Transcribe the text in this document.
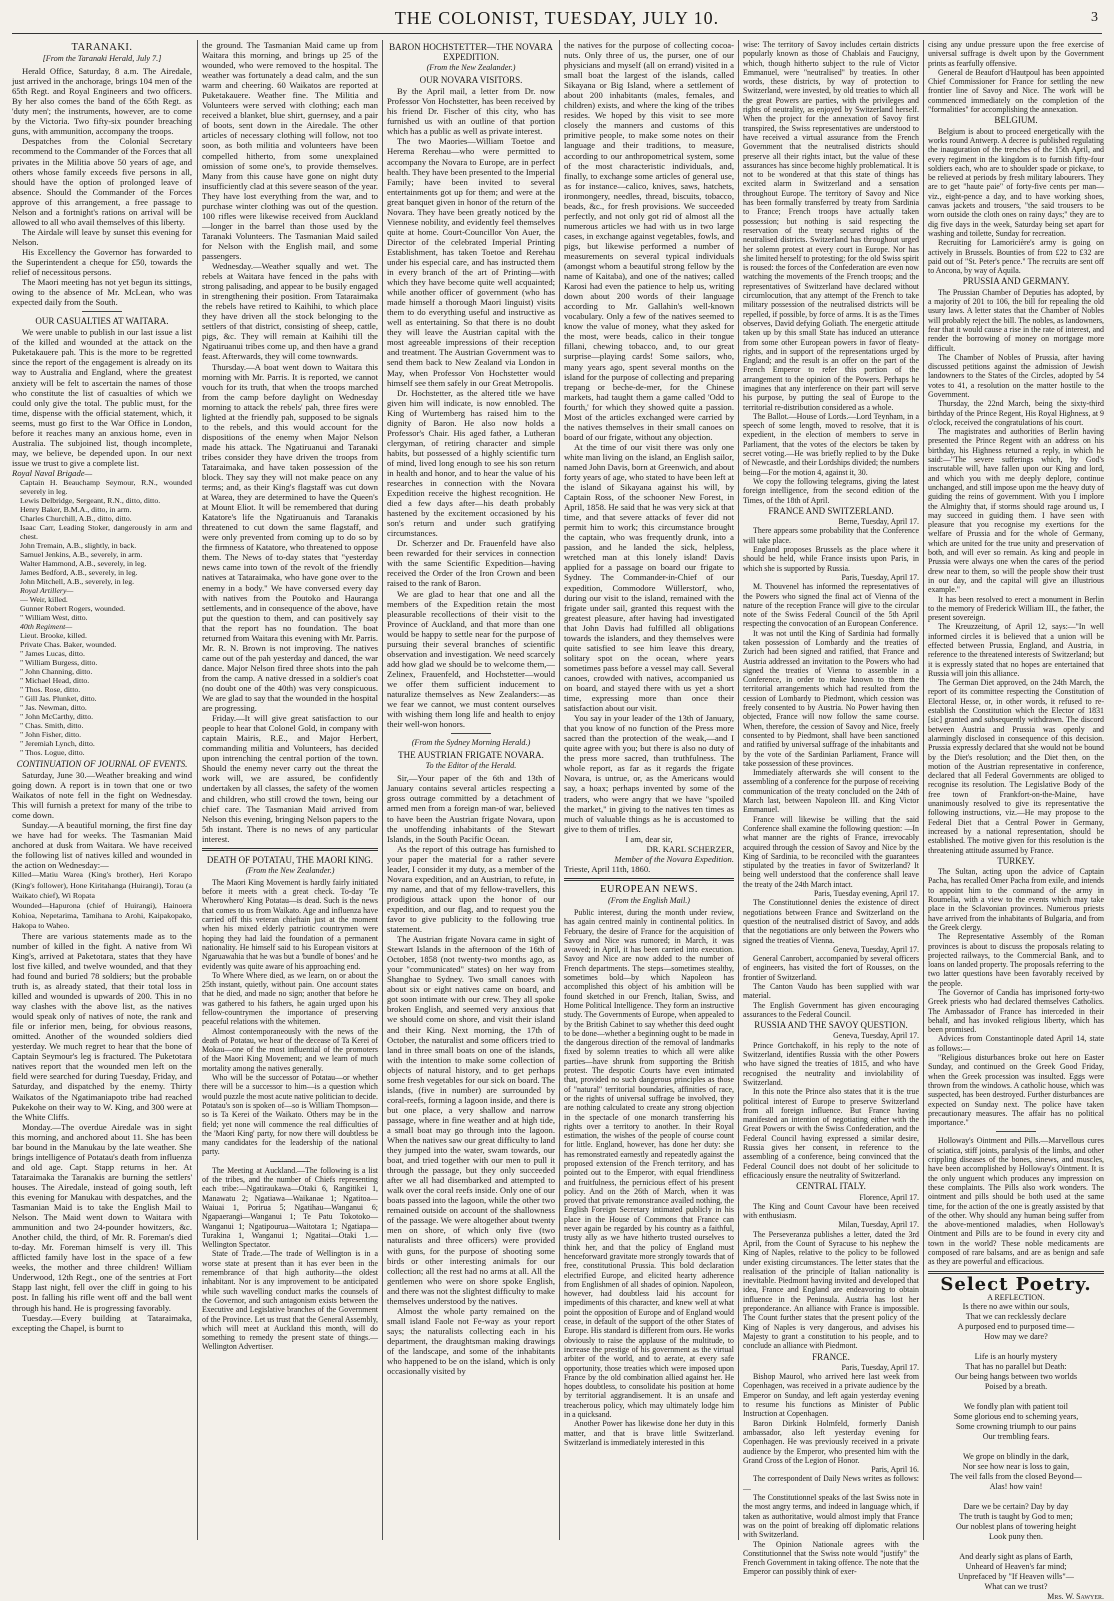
THE COLONIST, TUESDAY, JULY 10.	3
TARANAKI.
[From the Taranaki Herald, July 7.]

Herald Office, Saturday, 8 a.m. The Airedale, just arrived in the anchorage, brings 104 men of the 65th Regt. and Royal Engineers and two officers. By her also comes the band of the 65th Regt. as 'duty men'; the instruments, however, are to come by the Victoria. Two fifty-six pounder breaching guns, with ammunition, accompany the troops.

Despatches from the Colonial Secretary recommend to the Commander of the Forces that all privates in the Militia above 50 years of age, and others whose family exceeds five persons in all, should have the option of prolonged leave of absence. Should the Commander of the Forces approve of this arrangement, a free passage to Nelson and a fortnight's rations on arrival will be allowed to all who avail themselves of this liberty.

The Airdale will leave by sunset this evening for Nelson.

His Excellency the Governor has forwarded to the Superintendent a cheque for £50, towards the relief of necessitous persons.

The Maori meeting has not yet begun its sittings, owing to the absence of Mr. McLean, who was expected daily from the South.

OUR CASUALTIES AT WAITARA.

We were unable to publish in our last issue a list of the killed and wounded at the attack on the Puketakauere pah. This is the more to be regretted since the report of the engagement is already on its way to Australia and England, where the greatest anxiety will be felt to ascertain the names of those who constitute the list of casualties of which we could only give the total. The public must, for the time, dispense with the official statement, which, it seems, must go first to the War Office in London, before it reaches many an anxious home, even in Australia. The subjoined list, though incomplete, may, we believe, be depended upon. In our next issue we trust to give a complete list.

Royal Naval Brigade—

Captain H. Beauchamp Seymour, R.N., wounded severely in leg.
Lewis Delbridge, Sergeant, R.N., ditto, ditto.
Henry Baker, B.M.A., ditto, in arm.
Charles Churchill, A.B., ditto, ditto.
Isaac Carr, Leading Stoker, dangerously in arm and chest.
John Tremain, A.B., slightly, in back.
Samuel Jenkins, A.B., severely, in arm.
Walter Hammond, A.B., severely, in leg.
James Bedford, A.B., severely, in leg.
John Mitchell, A.B., severely, in leg.
Royal Artillery—
— Weir, killed.
Gunner Robert Rogers, wounded.
" William West, ditto.
40th Regiment—
Lieut. Brooke, killed.
Private Chas. Baker, wounded.
" James Lucas, ditto.
" William Burgess, ditto.
" John Channing, ditto.
" Michael Head, ditto.
" Thos. Rose, ditto.
" Gill Jas. Plunket, ditto.
" Jas. Newman, ditto.
" John McCarthy, ditto.
" Chas. Smith, ditto.
" John Fisher, ditto.
" Jeremiah Lynch, ditto.
" Thos. Logue, ditto.
CONTINUATION OF JOURNAL OF EVENTS.

Saturday, June 30.—Weather breaking and wind going down. A report is in town that one or two Waikatos of note fell in the fight on Wednesday. This will furnish a pretext for many of the tribe to come down.

Sunday.—A beautiful morning, the first fine day we have had for weeks. The Tasmanian Maid anchored at dusk from Waitara. We have received the following list of natives killed and wounded in the action on Wednesday:—

Killed—Matiu Warea (King's brother), Heri Korapo (King's follower), Hone Kiritahanga (Huirangi), Torau (a Waikato chief), Wi Ropata

Wounded—Hapurona (chief of Huirangi), Hainoera Kohioa, Nepetarima, Tamihana to Arohi, Kaipakopako, Hakopa to Waheo.

There are various statements made as to the number of killed in the fight. A native from Wi King's, arrived at Paketotara, states that they have lost five killed, and twelve wounded, and that they had found and buried 78 soldiers; but the probable truth is, as already stated, that their total loss in killed and wounded is upwards of 200. This in no way clashes with the above list, as the natives would speak only of natives of note, the rank and file or inferior men, being, for obvious reasons, omitted. Another of the wounded soldiers died yesterday. We much regret to hear that the bone of Captain Seymour's leg is fractured. The Puketotara natives report that the wounded men left on the field were searched for during Tuesday, Friday, and Saturday, and dispatched by the enemy. Thirty Waikatos of the Ngatimaniapoto tribe had reached Pukekohe on their way to W. King, and 300 were at the White Cliffs.

Monday.—The overdue Airedale was in sight this morning, and anchored about 11. She has been bar bound in the Manukau by the late weather. She brings intelligence of Potatau's death from influenza and old age. Capt. Stapp returns in her. At Tataraimaka the Taranakis are burning the settlers' houses. The Airedale, instead of going south, left this evening for Manukau with despatches, and the Tasmanian Maid is to take the English Mail to Nelson. The Maid went down to Waitara with ammunition and two 24-pounder howitzers, &c. Another child, the third, of Mr. R. Foreman's died to-day. Mr. Foreman himself is very ill. This afflicted family have lost in the space of a few weeks, the mother and three children! William Underwood, 12th Regt., one of the sentries at Fort Stapp last night, fell over the cliff in going to his post. In falling his rifle went off and the ball went through his hand. He is progressing favorably.

Tuesday.—Every building at Tataraimaka, excepting the Chapel, is burnt to

the ground. The Tasmanian Maid came up from Waitara this morning, and brings up 25 of the wounded, who were removed to the hospital. The weather was fortunately a dead calm, and the sun warm and cheering. 60 Waikatos are reported at Puketakauere. Weather fine. The Militia and Volunteers were served with clothing; each man received a blanket, blue shirt, guernsey, and a pair of boots, sent down in the Airedale. The other articles of necessary clothing will follow, not too soon, as both militia and volunteers have been compelled hitherto, from some unexplained omission of some one's, to provide themselves. Many from this cause have gone on night duty insufficiently clad at this severe season of the year. They have lost everything from the war, and to purchase winter clothing was out of the question. 100 rifles were likewise received from Auckland—longer in the barrel than those used by the Taranaki Volunteers. The Tasmanian Maid sailed for Nelson with the English mail, and some passengers.

Wednesday.—Weather squally and wet. The rebels at Waitara have fenced in the pahs with strong palisading, and appear to be busily engaged in strengthening their position. From Tataraimaka the rebels have retired to Kaihihi, to which place they have driven all the stock belonging to the settlers of that district, consisting of sheep, cattle, pigs, &c. They will remain at Kaihihi till the Ngatiruanui tribes come up, and then have a grand feast. Afterwards, they will come townwards.

Thursday.—A boat went down to Waitara this morning with Mr. Parris. It is reported, we cannot vouch for its truth, that when the troops marched from the camp before daylight on Wednesday morning to attack the rebels' pah, three fires were lighted at the friendly pah, supposed to be signals to the rebels, and this would account for the dispositions of the enemy when Major Nelson made his attack. The Ngatiruanui and Taranaki tribes consider they have driven the troops from Tataraimaka, and have taken possession of the block. They say they will not make peace on any terms; and, as their King's flagstaff was cut down at Warea, they are determined to have the Queen's at Mount Eliot. It will be remembered that during Katatore's life the Ngatiruanuis and Taranakis threatened to cut down the same flagstaff, and were only prevented from coming up to do so by the firmness of Katatore, who threatened to oppose them. The News of to-day states that "yesterday news came into town of the revolt of the friendly natives at Tataraimaka, who have gone over to the enemy in a body." We have conversed every day with natives from the Poutoko and Hauranga settlements, and in consequence of the above, have put the question to them, and can positively say that the report has no foundation. The boat returned from Waitara this evening with Mr. Parris. Mr. R. N. Brown is not improving. The natives came out of the pah yesterday and danced, the war dance. Major Nelson fired three shots into the pah from the camp. A native dressed in a soldier's coat (no doubt one of the 40th) was very conspicuous. We are glad to say that the wounded in the hospital are progressing.

Friday.—It will give great satisfaction to our people to hear that Colonel Gold, in company with captain Mairis, R.E., and Major Herbert, commanding militia and Volunteers, has decided upon intrenching the central portion of the town. Should the enemy never carry out the threat the work will, we are assured, be confidently undertaken by all classes, the safety of the women and children, who still crowd the town, being our chief care. The Tasmanian Maid arrived from Nelson this evening, bringing Nelson papers to the 5th instant. There is no news of any particular interest.

DEATH OF POTATAU, THE MAORI KING.
(From the New Zealander.)

The Maori King Movement is hardly fairly initiated before it meets with a great check. To-day 'Te Wherowhero' King Potatau—is dead. Such is the news that comes to us from Waikato. Age and influenza have carried off this veteran chieftain just at the moment when his mixed elderly patriotic countrymen were hoping they had laid the foundation of a permanent nationality. He himself said to his European visitors at Ngaruawahia that he was but a 'bundle of bones' and he evidently was quite aware of his approaching end.

To Where Where died, as we learn, on or about the 25th instant, quietly, without pain. One account states that he died, and made no sign; another that before he was gathered to his fathers, he again urged upon his fellow-countrymen the importance of preserving peaceful relations with the whitemen.

Almost contemporaneously with the news of the death of Potatau, we hear of the decease of Ta Kerei of Mokau—one of the most influential of the promoters of the Maori King Movement; and we learn of much mortality among the natives generally.

Who will be the successor of Potatau—or whether there will be a successor to him—is a question which would puzzle the most acute native politician to decide. Potatau's son is spoken of—so is William Thompson—so is Ta Kerei of the Waikato. Others may be in the field; yet none will commence the real difficulties of the 'Maori King' party, for now there will doubtless be many candidates for the leadership of the national party.

The Meeting at Auckland.—The following is a list of the tribes, and the number of Chiefs representing each tribe:—Ngatiraukawa—Otaki 6, Rangitikei 1, Manawatu 2; Ngatiawa—Waikanae 1; Ngatitoa—Waiuai 1, Porirua 5; Ngatihau—Wanganui 6; Ngapaerangi—Wanganui 1; Te Patu Tokotoko—Wanganui 1; Ngatipourua—Waitotara 1; Ngatiapa—Turakina 1, Wanganui 1; Ngatitai—Otaki 1.—Wellington Spectator.

State of Trade.—The trade of Wellington is in a worse state at present than it has ever been in the remembrance of that high authority—the oldest inhabitant. Nor is any improvement to be anticipated while such wavelling conduct marks the counsels of the Governor, and such antagonism exists between the Executive and Legislative branches of the Government of the Province. Let us trust that the General Assembly, which will meet at Auckland this month, will do something to remedy the present state of things.—Wellington Advertiser.

BARON HOCHSTETTER—THE NOVARA EXPEDITION.
(From the New Zealander.)
OUR NOVARA VISITORS.

By the April mail, a letter from Dr. now Professor Von Hochstetter, has been received by his friend Dr. Fischer of this city, who has furnished us with an outline of that portion which has a public as well as private interest.

The two Maories—William Toetoe and Herema Rerehau—who were permitted to accompany the Novara to Europe, are in perfect health. They have been presented to the Imperial Family; have been invited to several entertainments got up for them; and were at the great banquet given in honor of the return of the Novara. They have been greatly noticed by the Viennese nobility, and evidently feel themselves quite at home. Court-Councillor Von Auer, the Director of the celebrated Imperial Printing Establishment, has taken Toetoe and Rerehau under his especial care, and has instructed them in every branch of the art of Printing—with which they have become quite well acquainted; while another officer of government (who has made himself a thorough Maori linguist) visits them to do everything useful and instructive as well as entertaining. So that there is no doubt they will leave the Austrian capital with the most agreeable impressions of their reception and treatment. The Austrian Government was to send them back to New Zealand via London in May, when Professor Von Hochstetter would himself see them safely in our Great Metropolis.

Dr. Hochstetter, as the altered title we have given him will indicate, is now ennobled. The King of Wurtemberg has raised him to the dignity of Baron. He also now holds a Professor's Chair. His aged father, a Lutheran clergyman, of retiring character and simple habits, but possessed of a highly scientific turn of mind, lived long enough to see his son return in health and honor, and to hear the value of his researches in connection with the Novara Expedition receive the highest recognition. He died a few days after—his death probably hastened by the excitement occasioned by his son's return and under such gratifying circumstances.

Dr. Scherzer and Dr. Frauenfeld have also been rewarded for their services in connection with the same Scientific Expedition—having received the Order of the Iron Crown and been raised to the rank of Baron.

We are glad to hear that one and all the members of the Expedition retain the most pleasurable recollections of their visit to the Province of Auckland, and that more than one would be happy to settle near for the purpose of pursuing their several branches of scientific observation and investigation. We need scarcely add how glad we should be to welcome them,—Zelinex, Frauenfeld, and Hochstetter—would we offer them sufficient inducement to naturalize themselves as New Zealanders:—as we fear we cannot, we must content ourselves with wishing them long life and health to enjoy their well-won honors.

(From the Sydney Morning Herald.)
THE AUSTRIAN FRIGATE NOVARA.
To the Editor of the Herald.

Sir,—Your paper of the 6th and 13th of January contains several articles respecting a gross outrage committed by a detachment of armed men from a foreign man-of war, believed to have been the Austrian frigate Novara, upon the unoffending inhabitants of the Stewart Islands, in the South Pacific Ocean.

As the report of this outrage has furnished to your paper the material for a rather severe leader, I consider it my duty, as a member of the Novara expedition, and an Austrian, to refute, in my name, and that of my fellow-travellers, this prodigious attack upon the honor of our expedition, and our flag, and to request you the favor to give publicity to the following true statement.

The Austrian frigate Novara came in sight of Stewart Islands in the afternoon of the 16th of October, 1858 (not twenty-two months ago, as your "communicated" states) on her way from Shanghae to Sydney. Two small canoes with about six or eight natives came on board, and got soon intimate with our crew. They all spoke broken English, and seemed very anxious that we should come on shore, and visit their island and their King. Next morning, the 17th of October, the naturalist and some officers tried to land in three small boats on one of the islands, with the intention to make some collection of objects of natural history, and to get perhaps some fresh vegetables for our sick on board. The islands, (five in number) are surrounded by coral-reefs, forming a lagoon inside, and there is but one place, a very shallow and narrow passage, where in fine weather and at high tide, a small boat may go through into the lagoon. When the natives saw our great difficulty to land they jumped into the water, swam towards, our boat, and tried together with our men to pull it through the passage, but they only succeeded after we all had disembarked and attempted to walk over the coral reefs inside. Only one of our boats passed into the lagoon, while the other two remained outside on account of the shallowness of the passage. We were altogether about twenty men on shore, of which only five (two naturalists and three officers) were provided with guns, for the purpose of shooting some birds or other interesting animals for our collection; all the rest had no arms at all. All the gentlemen who were on shore spoke English, and there was not the slightest difficulty to make themselves understood by the natives.

Almost the whole party remained on the small island Faole not Fe-way as your report says; the naturalists collecting each in his department, the draughtsman making drawings of the landscape, and some of the inhabitants who happened to be on the island, which is only occasionally visited by

the natives for the purpose of collecting cocoa-nuts. Only three of us, the purser, one of our physicians and myself (all on errand) visited in a small boat the largest of the islands, called Sikayana or Big Island, where a settlement of about 200 inhabitants (males, females, and children) exists, and where the king of the tribes resides. We hoped by this visit to see more closely the manners and customs of this primitive people, to make some notes on their language and their traditions, to measure, according to our anthropometrical system, some of the most characteristic individuals, and, finally, to exchange some articles of general use, as for instance—calico, knives, saws, hatchets, ironmongery, needles, thread, biscuits, tobacco, beads, &c., for fresh provisions. We succeeded perfectly, and not only got rid of almost all the numerous articles we had with us in two large cases, in exchange against vegetables, fowls, and pigs, but likewise performed a number of measurements on several typical individuals (amongst whom a beautiful strong fellow by the name of Kaitaba), and one of the natives; called Karosi had even the patience to help us, writing down about 200 words of their language according to Mr. Gallahin's well-known vocabulary. Only a few of the natives seemed to know the value of money, what they asked for the most, were beads, calico in their tongue fillani, chewing tobacco, and, to our great surprise—playing cards! Some sailors, who, many years ago, spent several months on the island for the purpose of collecting and preparing trepang or beche-de-mer, for the Chinese markets, had taught them a game called 'Odd to fourth,' for which they showed quite a passion. Most of the articles exchanged were carried by the natives themselves in their small canoes on board of our frigate, without any objection.

At the time of our visit there was only one white man living on the island, an English sailor, named John Davis, born at Greenwich, and about forty years of age, who stated to have been left at the island of Sikayana against his will, by Captain Ross, of the schooner New Forest, in April, 1858. He said that he was very sick at that time, and that severe attacks of fever did not permit him to work; this circumstance brought the captain, who was frequently drunk, into a passion, and he landed the sick, helpless, wretched man at this lonely island! Davis applied for a passage on board our frigate to Sydney. The Commander-in-Chief of our expedition, Commodore Wüllerstorf, who, during our visit to the island, remained with the frigate under sail, granted this request with the greatest pleasure, after having had investigated that John Davis had fulfilled all obligations towards the islanders, and they themselves were quite satisfied to see him leave this dreary, solitary spot on the ocean, where years sometimes pass before a vessel may call. Several canoes, crowded with natives, accompanied us on board, and stayed there with us yet a short time, expressing more than once their satisfaction about our visit.

You say in your leader of the 13th of January, that you know of no function of the Press more sacred than the protection of the weak,—and I quite agree with you; but there is also no duty of the press more sacred, than truthfulness. The whole report, as far as it regards the frigate Novara, is untrue, or, as the Americans would say, a hoax; perhaps invented by some of the traders, who were angry that we have "spoiled the market," in giving to the natives ten times as much of valuable things as he is accustomed to give to them of trifles.

I am, dear sir,
DR. KARL SCHERZER,
Member of the Novara Expedition.
Trieste, April 11th, 1860.
EUROPEAN NEWS.
(From the English Mail.)

Public interest, during the month under review, has again centred mainly in continental politics. In February, the desire of France for the acquisition of Savoy and Nice was rumored; in March, it was avowed; in April, it has been carried into execution. Savoy and Nice are now added to the number of French departments. The steps—sometimes stealthy, sometimes bold—by which Napoleon has accomplished this object of his ambition will be found sketched in our French, Italian, Swiss, and Home Political Intelligence. They form an instructive study. The Governments of Europe, when appealed to by the British Cabinet to say whether this deed ought to be done—whether a beginning ought to be made in the dangerous direction of the removal of landmarks fixed by solemn treaties to which all were alike parties—have shrunk from supporting the British protest. The despotic Courts have even intimated that, provided no such dangerous principles as those of "natural" territorial boundaries, affinities of race, or the rights of universal suffrage be involved, they are nothing calculated to create any strong objection in the spectacle of one monarch transferring his rights over a territory to another. In their Royal estimation, the wishes of the people of course count for little. England, however, has done her duty: she has remonstrated earnestly and repeatedly against the proposed extension of the French territory, and has pointed out to the Emperor, with equal friendliness and fruitfulness, the pernicious effect of his present policy. And on the 26th of March, when it was proved that private remonstrance availed nothing, the English Foreign Secretary intimated publicly in his place in the House of Commons that France can never again be regarded by his country as a faithful, trusty ally as we have hitherto trusted ourselves to think her, and that the policy of England must henceforward gravitate more strongly towards that of free, constitutional Prussia. This bold declaration electrified Europe, and elicited hearty adherence from Englishmen of all shades of opinion. Napoleon, however, had doubtless laid his account for impediments of this character, and knew well at what point the opposition of Europe and of England would cease, in default of the support of the other States of Europe. His standard is different from ours. He works obviously to raise the applause of the multitude, to increase the prestige of his government as the virtual arbiter of the world, and to aerate, at every safe opportunity, those treaties which were imposed upon France by the old combination allied against her. He hopes doubtless, to consolidate his position at home by territorial aggrandisement. It is an unsafe and treacherous policy, which may ultimately lodge him in a quicksand.

Another Power has likewise done her duty in this matter, and that is brave little Switzerland. Switzerland is immediately interested in this

wise: The territory of Savoy includes certain districts popularly known as those of Chablais and Faucigny, which, though hitherto subject to the rule of Victor Emmanuel, were "neutralised" by treaties. In other words, these districts, by way of protection to Switzerland, were invested, by old treaties to which all the great Powers are parties, with the privileges and rights of neutrality, as enjoyed by Switzerland herself. When the project for the annexation of Savoy first transpired, the Swiss representatives are understood to have received a virtual assurance from the French Government that the neutralised districts should preserve all their rights intact, but the value of these assurances has since become highly problematical. It is not to be wondered at that this state of things has excited alarm in Switzerland and a sensation throughout Europe. The territory of Savoy and Nice has been formally transferred by treaty from Sardinia to France; French troops have actually taken possession; but nothing is said respecting the reservation of the treaty secured rights of the neutralised districts. Switzerland has throughout urged her solemn protest at every court in Europe. Nor has she limited herself to protesting; for the old Swiss spirit is roused: the forces of the Confederation are even now watching the movements of the French troops; and the representatives of Switzerland have declared without circumlocution, that any attempt of the French to take military possession of the neutralised districts will be repelled, if possible, by force of arms. It is as the Times observes, David defying Goliath. The energetic attitude taken up by this small State has induced an utterance from some other European powers in favor of fleaty-rights, and in support of the representations urged by England; and the result is an offer on the part of the French Emperor to refer this portion of the arrangement to the opinion of the Powers. Perhaps he imagines that any interference on their part will serve his purpose, by putting the seal of Europe to the territorial re-distribution considered as a whole.

The Ballot.—House of Lords.—Lord Teynham, in a speech of some length, moved to resolve, that it is expedient, in the election of members to serve in Parliament, that the votes of the electors be taken by secret voting.—He was briefly replied to by the Duke of Newcastle, and their Lordships divided; the numbers being—For the motion 4, against it, 30.

We copy the following telegrams, giving the latest foreign intelligence, from the second edition of the Times, of the 18th of April.

FRANCE AND SWITZERLAND.
Berne, Tuesday, April 17.

There appears some probability that the Conference will take place.

England proposes Brussels as the place where it should be held, while France insists upon Paris, in which she is supported by Russia.

Paris, Tuesday, April 17.

M. Thouvenel has informed the representatives of the Powers who signed the final act of Vienna of the nature of the reception France will give to the circular note of the Swiss Federal Council of the 5th April respecting the convocation of an European Conference.

It was not until the King of Sardinia had formally taken possession of Lombardy and the treaties of Zurich had been signed and ratified, that France and Austria addressed an invitation to the Powers who had signed the treaties of Vienna to assemble in a Conference, in order to make known to them the territorial arrangements which had resulted from the cession of Lombardy to Piedmont, which cession was freely consented to by Austria. No Power having then objected, France will now follow the same course. When, therefore, the cession of Savoy and Nice, freely consented to by Piedmont, shall have been sanctioned and ratified by universal suffrage of the inhabitants and by the vote of the Sardinian Parliament, France will take possession of these provinces.

Immediately afterwards she will consent to the assembling of a conference for the purpose of receiving communication of the treaty concluded on the 24th of March last, between Napoleon III. and King Victor Emmanuel.

France will likewise be willing that the said Conference shall examine the following question: —In what manner are the rights of France, irrevocably acquired through the cession of Savoy and Nice by the King of Sardinia, to be reconciled with the guarantees stipulated by the treaties in favor of Switzerland? It being well understood that the conference shall leave the treaty of the 24th March intact.

Paris, Tuesday evening, April 17.

The Constitutionnel denies the existence of direct negotiations between France and Switzerland on the question of the neutralised district of Savoy, and adds that the negotiations are only between the Powers who signed the treaties of Vienna.

Geneva, Tuesday, April 17.

General Canrobert, accompanied by several officers of engineers, has visited the fort of Rousses, on the frontier of Switzerland.

The Canton Vaudo has been supplied with war material.

The English Government has given encouraging assurances to the Federal Council.

RUSSIA AND THE SAVOY QUESTION.
Geneva, Tuesday, April 17.

Prince Gortchakoff, in his reply to the note of Switzerland, identifies Russia with the other Powers who have signed the treaties of 1815, and who have recognised the neutrality and inviolability of Switzerland.

In this note the Prince also states that it is the true political interest of Europe to preserve Switzerland from all foreign influence. But France having manifested an intention of negotiating either with the Great Powers or with the Swiss Confederation, and the Federal Council having expressed a similar desire, Russia gives her consent, in reference to the assembling of a conference, being convinced that the Federal Council does not doubt of her solicitude to efficaciously ensure the neutrality of Switzerland.

CENTRAL ITALY.
Florence, April 17.

The King and Count Cavour have been received with enthusiasm.

Milan, Tuesday, April 17.

The Perseveranza publishes a letter, dated the 3rd April, from the Count of Syracuse to his nephew the King of Naples, relative to the policy to be followed under existing circumstances. The letter states that the realisation of the principle of Italian nationality is inevitable. Piedmont having invited and developed that idea, France and England are endeavoring to obtain influence in the Peninsula. Austria has lost her preponderance. An alliance with France is impossible. The Count further states that the present policy of the King of Naples is very dangerous, and advises his Majesty to grant a constitution to his people, and to conclude an alliance with Piedmont.

FRANCE.
Paris, Tuesday, April 17.

Bishop Maurol, who arrived here last week from Copenhagen, was received in a private audience by the Emperor on Sunday, and left again yesterday evening to resume his functions as Minister of Public Instruction at Copenhagen.

Baron Dirkink Holmfeld, formerly Danish ambassador, also left yesterday evening for Copenhagen. He was previously received in a private audience by the Emperor, who presented him with the Grand Cross of the Legion of Honor.

Paris, April 16.

The correspondent of Daily News writes as follows:—

The Constitutionnel speaks of the last Swiss note in the most angry terms, and indeed in language which, if taken as authoritative, would almost imply that France was on the point of breaking off diplomatic relations with Switzerland.

The Opinion Nationale agrees with the Constitutionnel that the Swiss note would "justify" the French Government in taking offence. The note that the Emperor can possibly think of exer-

cising any undue pressure upon the free exercise of universal suffrage is dwelt upon by the Government prints as fearfully offensive.

General de Beaufort d'Hautpoul has been appointed Chief Commissioner for France for settling the new frontier line of Savoy and Nice. The work will be commenced immediately on the completion of the "formalities" for accomplishing the annexation.

BELGIUM.

Belgium is about to proceed energetically with the works round Antwerp. A decree is published regulating the inauguration of the trenches of the 15th April, and every regiment in the kingdom is to furnish fifty-four soldiers each, who are to shoulder spade or pickaxe, to be relieved at periods by fresh military labourers. They are to get "haute paie" of forty-five cents per man—viz., eight-pence a day, and to have working shoes, canvas jackets and trousers, "the said trousers to be worn outside the cloth ones on rainy days;" they are to dig five days in the week, Saturday being set apart for washing and toilette, Sunday for recreation.

Recruiting for Lamoricière's army is going on actively in Brussels. Bounties of from £22 to £32 are paid out of "St. Peter's pence." The recruits are sent off to Ancona, by way of Aquila.

PRUSSIA AND GERMANY.

The Prussian Chamber of Deputies has adopted, by a majority of 201 to 106, the bill for repealing the old usury laws. A letter states that the Chamber of Nobles will probably reject the bill. The nobles, as landowners, fear that it would cause a rise in the rate of interest, and render the borrowing of money on mortgage more difficult.

The Chamber of Nobles of Prussia, after having discussed petitions against the admission of Jewish landowners to the States of the Circles, adopted by 54 votes to 41, a resolution on the matter hostile to the Government.

Thursday, the 22nd March, being the sixty-third birthday of the Prince Regent, His Royal Highness, at 9 o'clock, received the congratulations of his court.

The magistrates and authorities of Berlin having presented the Prince Regent with an address on his birthday, his Highness returned a reply, in which he said:—"The severe sufferings which, by God's inscrutable will, have fallen upon our King and lord, and which you with me deeply deplore, continue unchanged, and still impose upon me the heavy duty of guiding the reins of government. With you I implore the Almighty that, if storms should rage around us, I may succeed in guiding them. I have seen with pleasure that you recognise my exertions for the welfare of Prussia and for the whole of Germany, which are united for the true unity and preservation of both, and will ever so remain. As king and people in Prussia were always one when the cares of the period drew near to them, so will the people show their trust in our day, and the capital will give an illustrious example."

It has been resolved to erect a monument in Berlin to the memory of Frederick William III., the father, the present sovereign.

The Kreuzzeitung, of April 12, says:—"In well informed circles it is believed that a union will be effected between Prussia, England, and Austria, in reference to the threatened interests of Switzerland; but it is expressly stated that no hopes are entertained that Russia will join this alliance.

The German Diet approved, on the 24th March, the report of its committee respecting the Constitution of Electoral Hesse, or, in other words, it refused to re-establish the Constitution which the Elector of 1831 [sic] granted and subsequently withdrawn. The discord between Austria and Prussia was openly and alarmingly disclosed in consequence of this decision. Prussia expressly declared that she would not be bound by the Diet's resolution; and the Diet then, on the motion of the Austrian representative in conference, declared that all Federal Governments are obliged to recognise its resolution. The Legislative Body of the free town of Frankfort-on-the-Maine, have unanimously resolved to give its representative the following instructions, viz.—He may propose to the Federal Diet that a Central Power in Germany, increased by a national representation, should be established. The motive given for this resolution is the threatening attitude assumed by France.

TURKEY.

The Sultan, acting upon the advice of Captain Pacha, has recalled Omer Pacha from exile, and intends to appoint him to the command of the army in Roumelia, with a view to the events which may take place in the Sclavonian provinces. Numerous priests have arrived from the inhabitants of Bulgaria, and from the Greek clergy.

The Representative Assembly of the Roman provinces is about to discuss the proposals relating to projected railways, to the Commercial Bank, and to loans on landed property. The proposals referring to the two latter questions have been favorably received by the people.

The Governor of Candia has imprisoned forty-two Greek priests who had declared themselves Catholics. The Ambassador of France has interceded in their behalf, and has invoked religious liberty, which has been promised.

Advices from Constantinople dated April 14, state as follows:—

"Religious disturbances broke out here on Easter Sunday, and continued on the Greek Good Friday, when the Greek procession was insulted. Eggs were thrown from the windows. A catholic house, which was suspected, has been destroyed. Further disturbances are expected on Sunday next. The police have taken precautionary measures. The affair has no political importance."

Holloway's Ointment and Pills.—Marvellous cures of sciatica, stiff joints, paralysis of the limbs, and other crippling diseases of the bones, sinews, and muscles, have been accomplished by Holloway's Ointment. It is the only unguent which produces any impression on these complaints. The Pills also work wonders. The ointment and pills should be both used at the same time, for the action of the one is greatly assisted by that of the other. Why should any human being suffer from the above-mentioned maladies, when Holloway's Ointment and Pills are to be found in every city and town in the world? These noble medicaments are composed of rare balsams, and are as benign and safe as they are powerful and efficacious.

Select Poetry.
A REFLECTION.
Is there no awe within our souls,
That we can recklessly declare
A purposed end to purposed time—
How may we dare?

Life is an hourly mystery
That has no parallel but Death:
Our being hangs between two worlds
Poised by a breath.

We fondly plan with patient toil
Some glorious end to scheming years,
Some crowning triumph to our pains
Our trembling fears.

We grope on blindly in the dark,
Nor see how near is loss to gain,
The veil falls from the closed Beyond—
Alas! how vain!

Dare we be certain? Day by day
The truth is taught by God to men;
Our noblest plans of towering height
Look puny then.

And dearly sight as plans of Earth,
Unheard of Heaven's far mind;
Unprefaced by "If Heaven wills"—
What can we trust?
Mrs. W. Sawyer.
